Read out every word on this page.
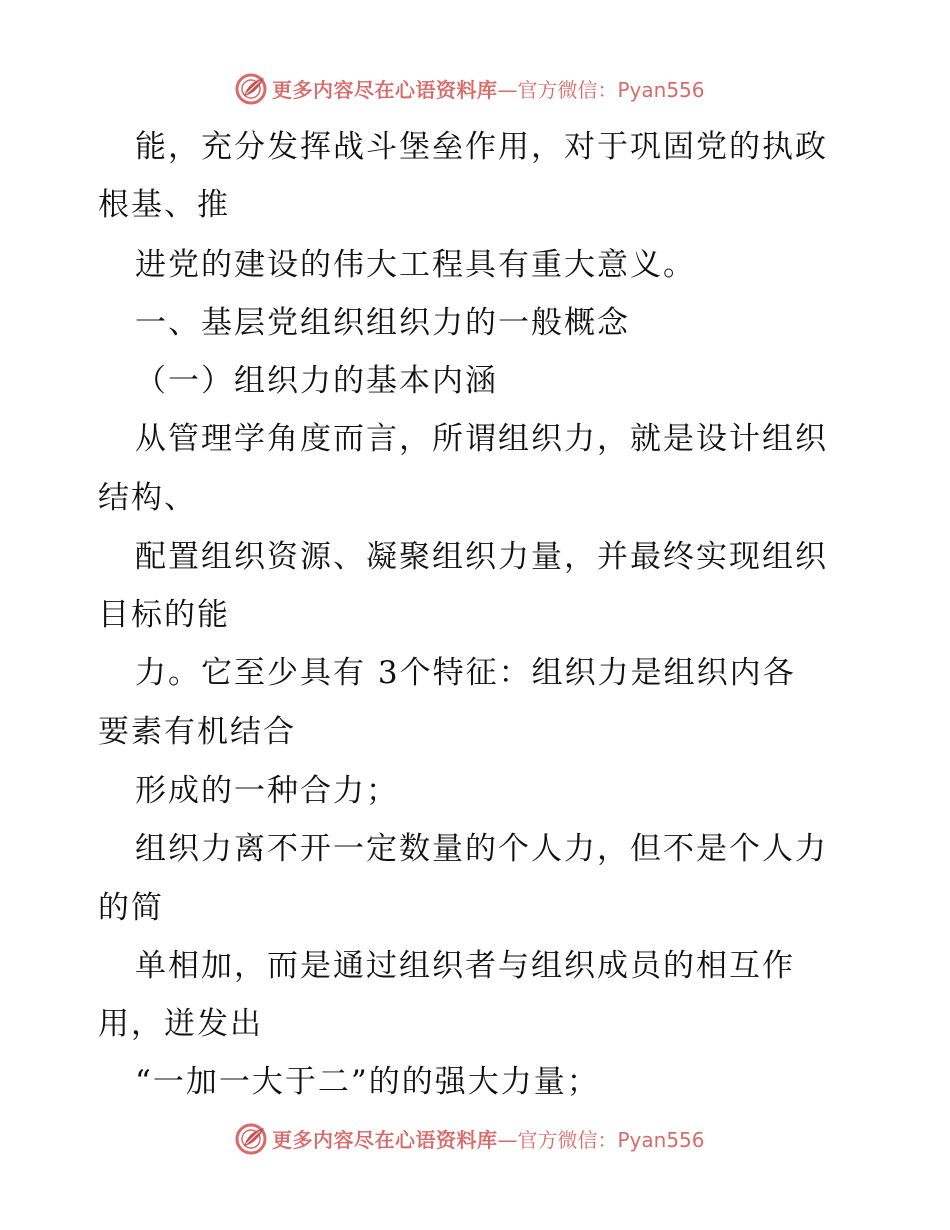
更多内容尽在心语资料库—官方微信：Pyan556
能，充分发挥战斗堡垒作用，对于巩固党的执政
根基、推
进党的建设的伟大工程具有重大意义。
一、基层党组织组织力的一般概念
（一）组织力的基本内涵
从管理学角度而言，所谓组织力，就是设计组织
结构、
配置组织资源、凝聚组织力量，并最终实现组织
目标的能
力。它至少具有 3个特征：组织力是组织内各
要素有机结合
形成的一种合力；
组织力离不开一定数量的个人力，但不是个人力
的简
单相加，而是通过组织者与组织成员的相互作
用，迸发出
“一加一大于二”的的强大力量；
更多内容尽在心语资料库—官方微信：Pyan556
